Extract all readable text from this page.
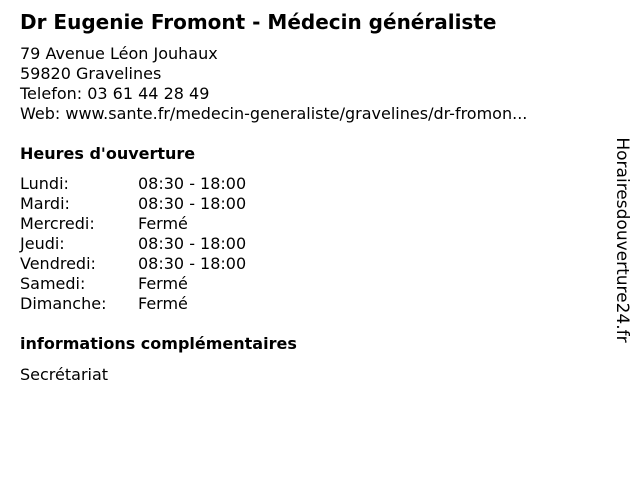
Dr Eugenie Fromont - Médecin généraliste
79 Avenue Léon Jouhaux
59820 Gravelines
Telefon: 03 61 44 28 49
Web: www.sante.fr/medecin-generaliste/gravelines/dr-fromon...
Heures d'ouverture
Lundi:	08:30 - 18:00
Mardi:	08:30 - 18:00
Mercredi:	Fermé
Jeudi:	08:30 - 18:00
Vendredi:	08:30 - 18:00
Samedi:	Fermé
Dimanche: Fermé
informations complémentaires
Secrétariat
Horairesdouverture24.fr
